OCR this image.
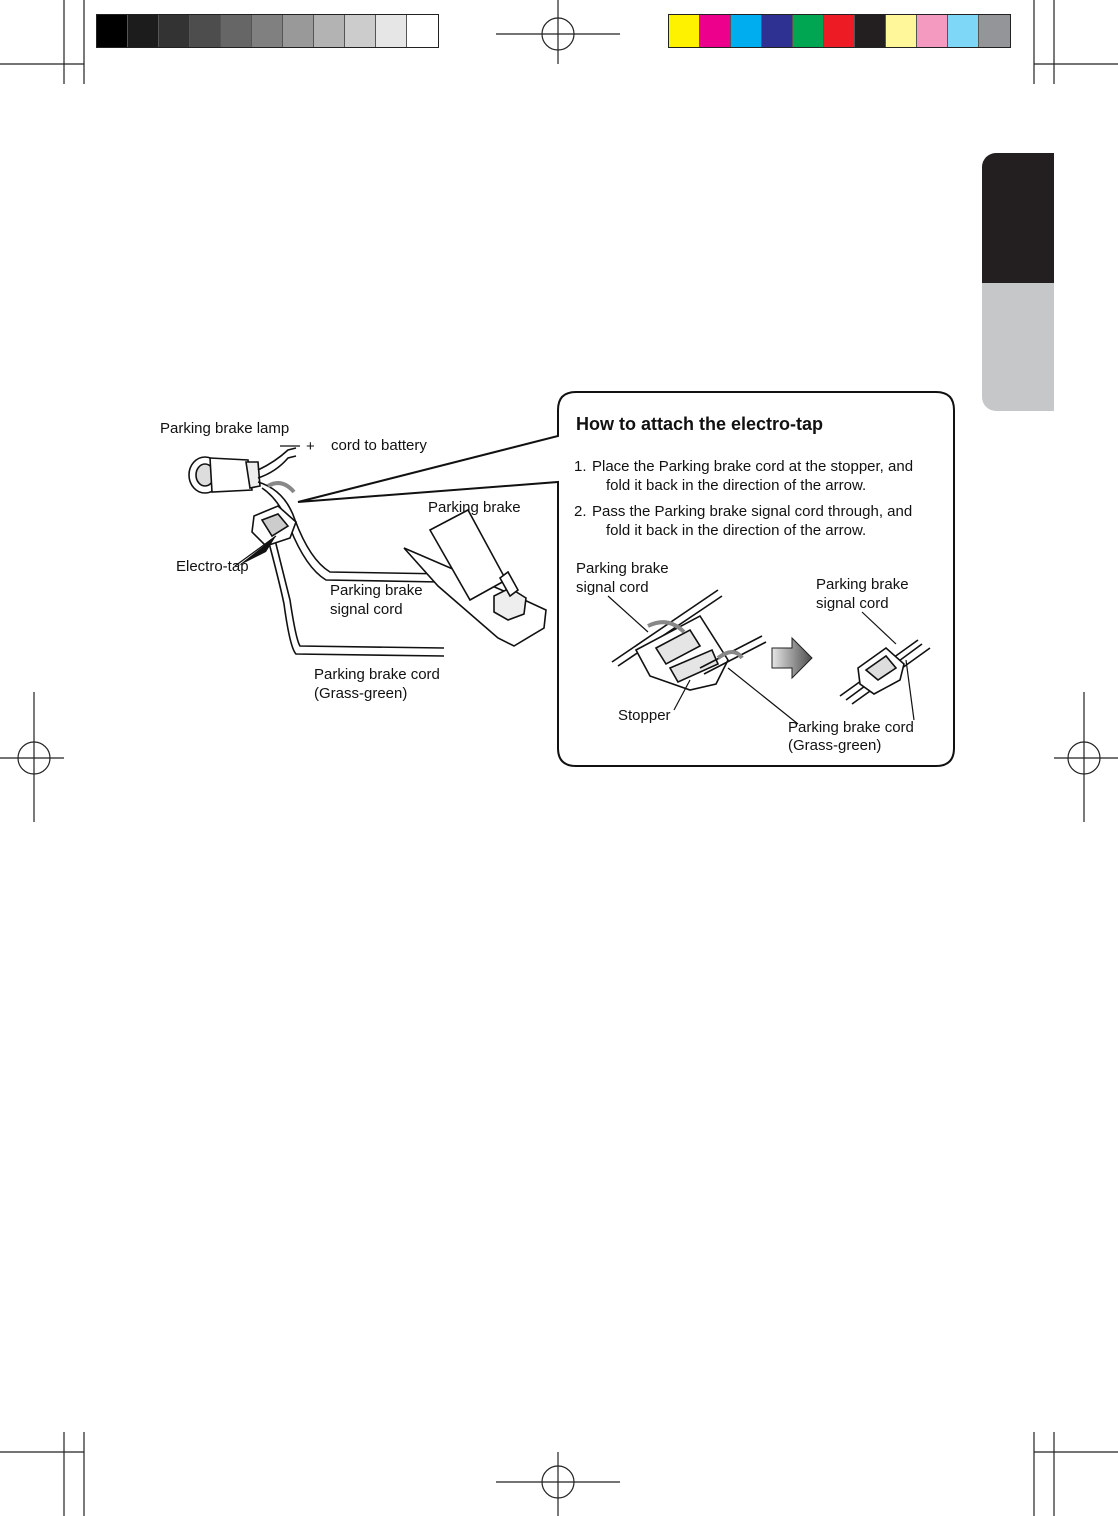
Parking brake lamp
+ cord to battery
Parking brake
Electro-tap
Parking brake
signal cord
Parking brake cord
(Grass-green)
How to attach the electro-tap
1. Place the Parking brake cord at the stopper, and
fold it back in the direction of the arrow.
2. Pass the Parking brake signal cord through, and
fold it back in the direction of the arrow.
Parking brake
signal cord	Parking brake
signal cord
Stopper
Parking brake cord
(Grass-green)
